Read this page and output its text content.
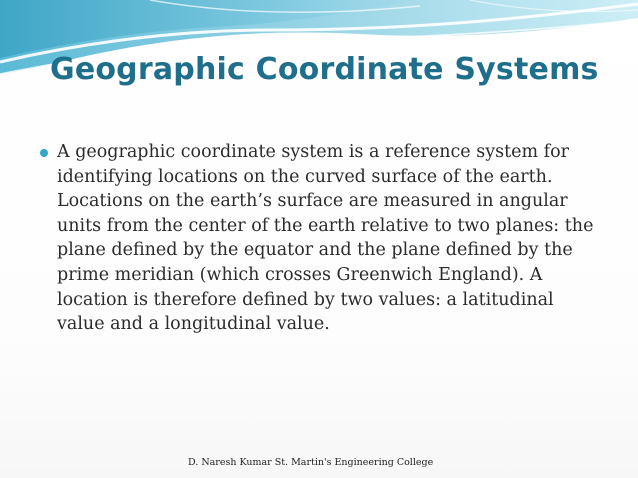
Geographic Coordinate Systems
A geographic coordinate system is a reference system for identifying locations on the curved surface of the earth. Locations on the earth’s surface are measured in angular units from the center of the earth relative to two planes: the plane defined by the equator and the plane defined by the prime meridian (which crosses Greenwich England). A location is therefore defined by two values: a latitudinal value and a longitudinal value.
D. Naresh Kumar St. Martin's Engineering College
